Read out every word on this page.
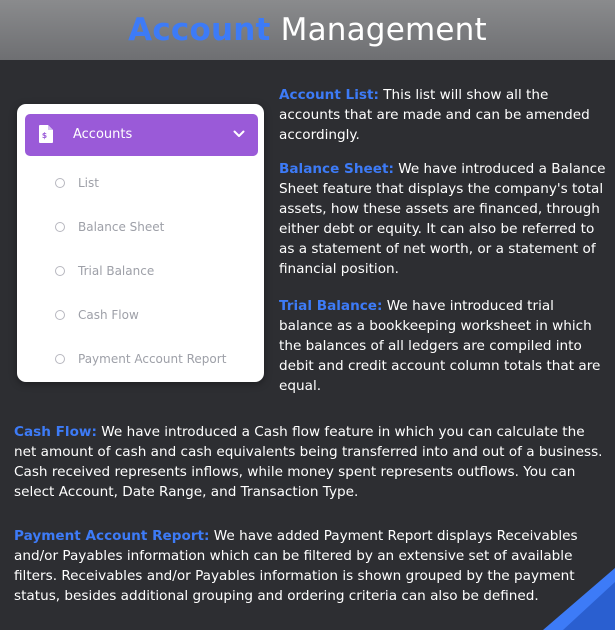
Account Management
$ Accounts
List
Balance Sheet
Trial Balance
Cash Flow
Payment Account Report

Account List: This list will show all the accounts that are made and can be amended accordingly.

Balance Sheet: We have introduced a Balance Sheet feature that displays the company's total assets, how these assets are financed, through either debt or equity. It can also be referred to as a statement of net worth, or a statement of financial position.

Trial Balance: We have introduced trial balance as a bookkeeping worksheet in which the balances of all ledgers are compiled into debit and credit account column totals that are equal.

Cash Flow: We have introduced a Cash flow feature in which you can calculate the net amount of cash and cash equivalents being transferred into and out of a business. Cash received represents inflows, while money spent represents outflows. You can select Account, Date Range, and Transaction Type.

Payment Account Report: We have added Payment Report displays Receivables and/or Payables information which can be filtered by an extensive set of available filters. Receivables and/or Payables information is shown grouped by the payment status, besides additional grouping and ordering criteria can also be defined.
